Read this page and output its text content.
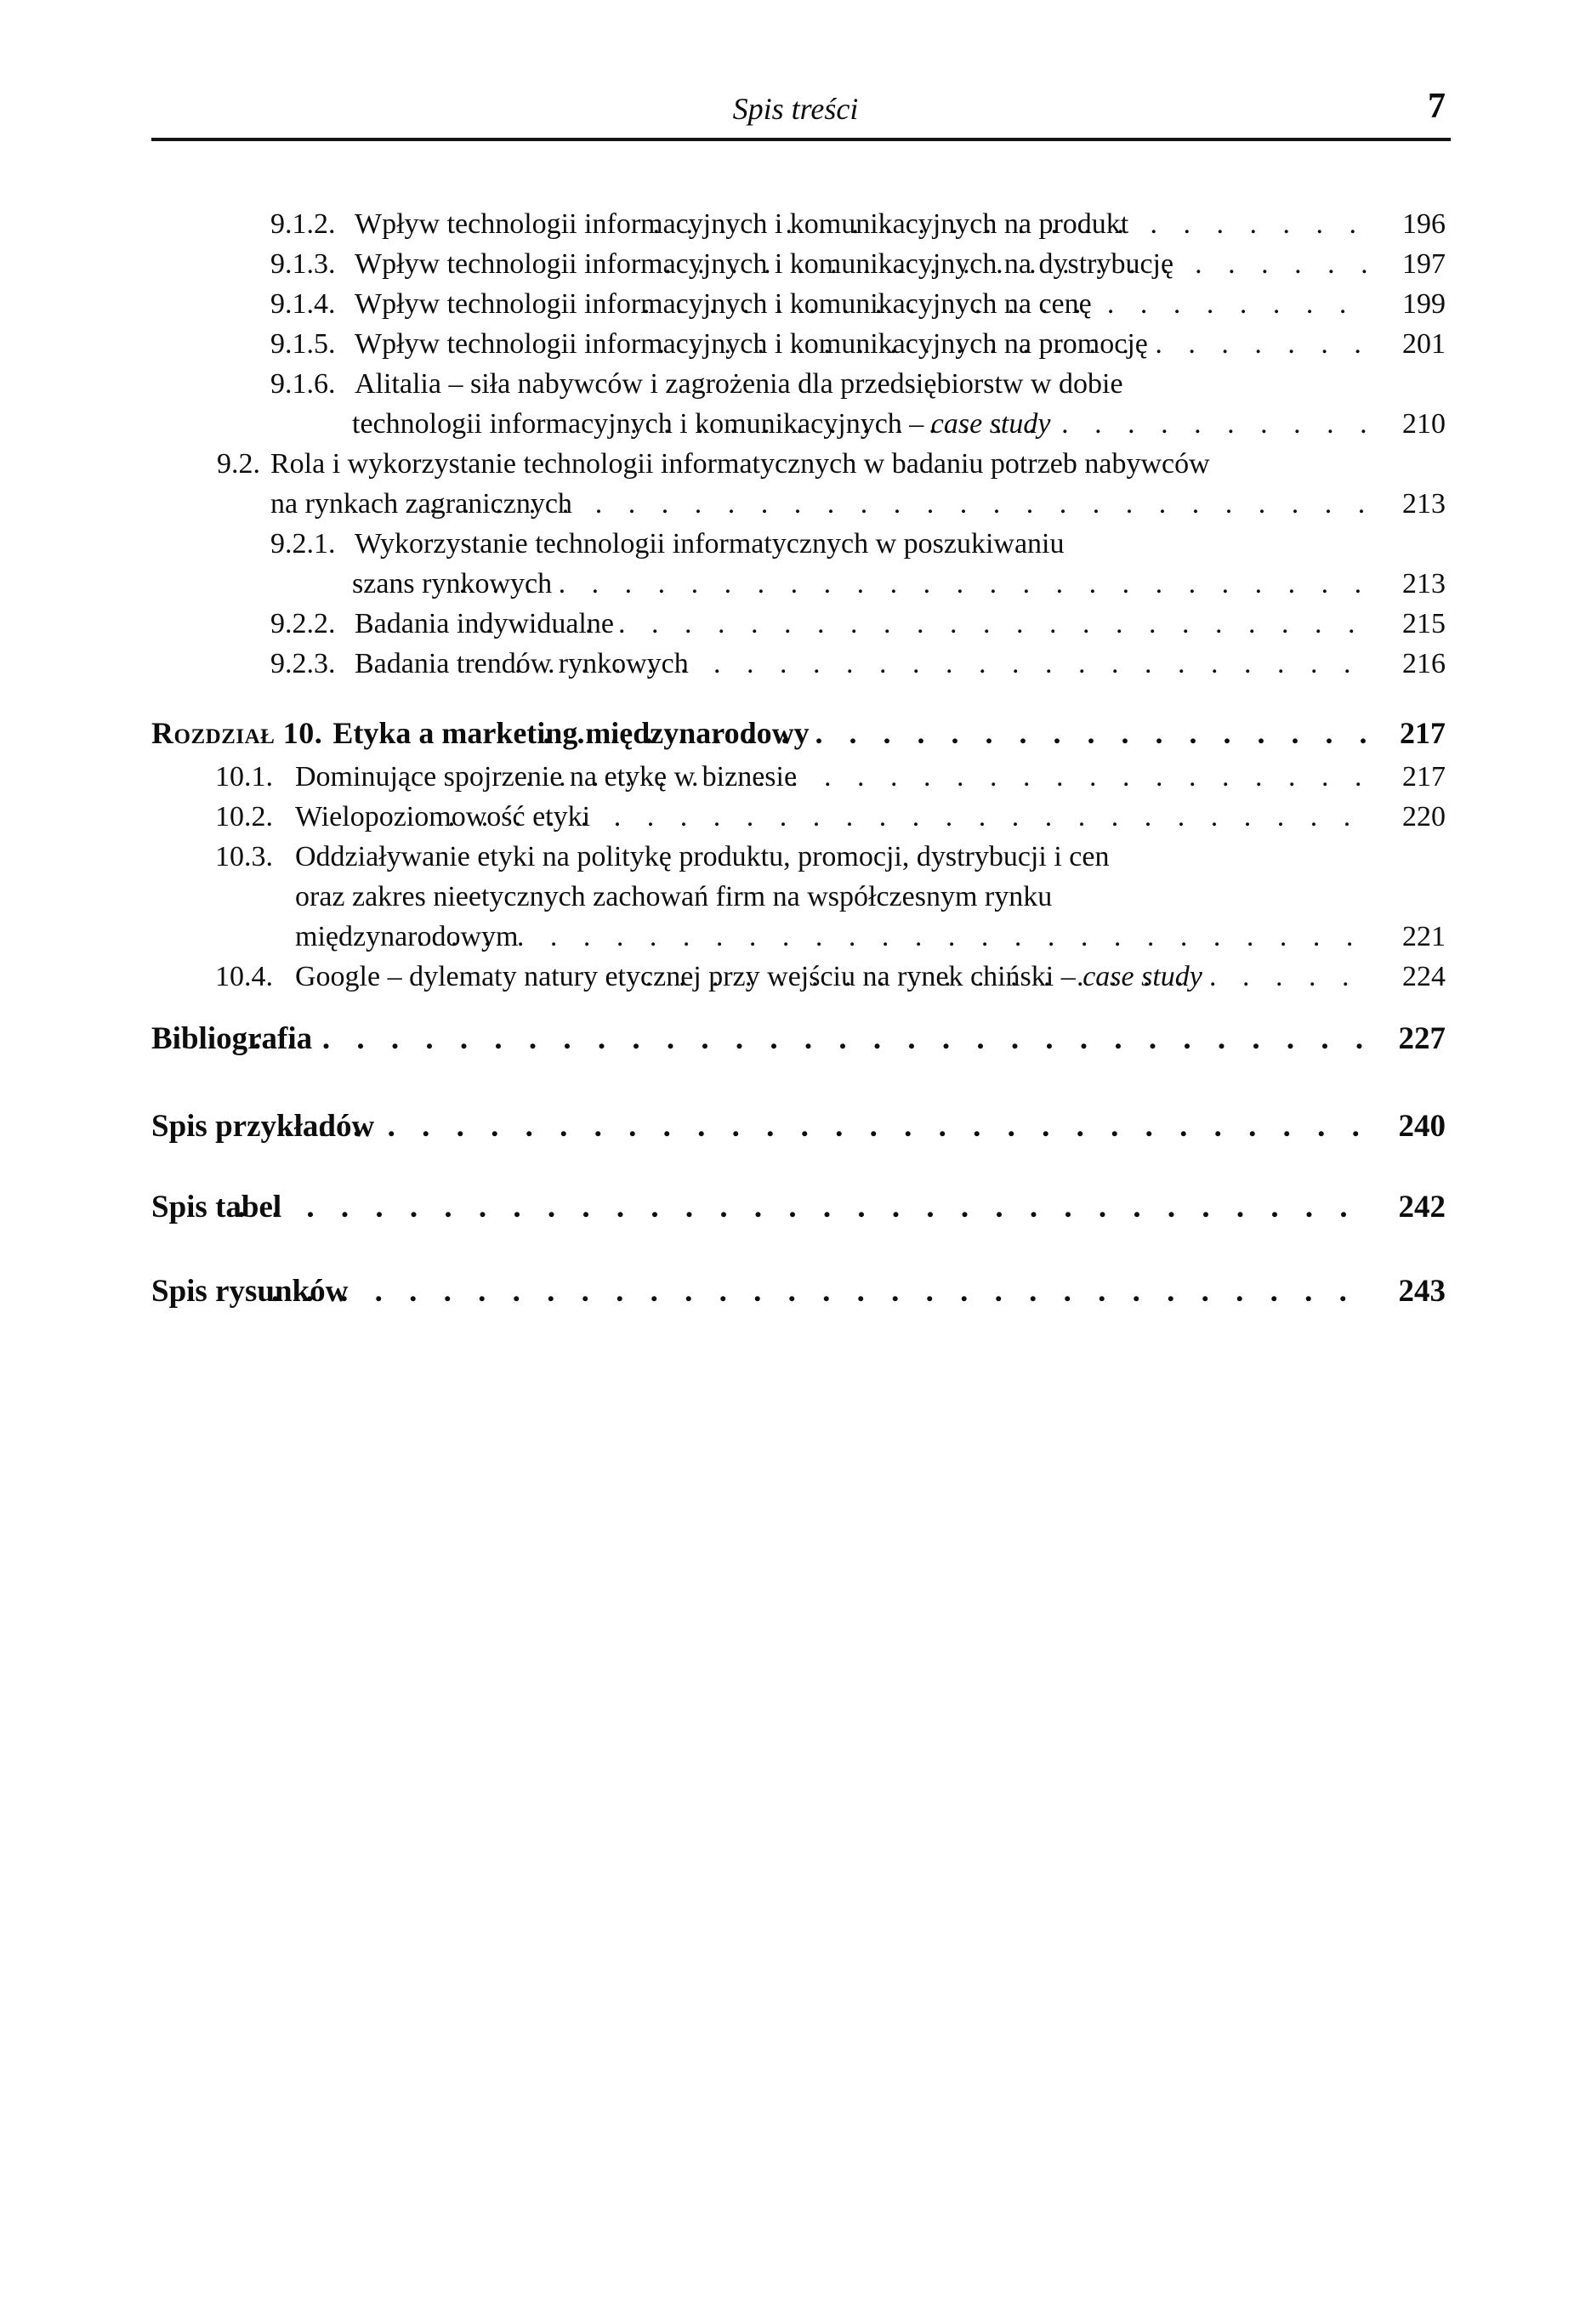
Spis treści	7
9.1.2. Wpływ technologii informacyjnych i komunikacyjnych na produkt . . .	196
9.1.3. Wpływ technologii informacyjnych i komunikacyjnych na dystrybucję . . .	197
9.1.4. Wpływ technologii informacyjnych i komunikacyjnych na cenę . . .	199
9.1.5. Wpływ technologii informacyjnych i komunikacyjnych na promocję . . .	201
9.1.6. Alitalia – siła nabywców i zagrożenia dla przedsiębiorstw w dobie
technologii informacyjnych i komunikacyjnych – case study . . .	210
9.2. Rola i wykorzystanie technologii informatycznych w badaniu potrzeb nabywców
na rynkach zagranicznych . . .	213
9.2.1. Wykorzystanie technologii informatycznych w poszukiwaniu
szans rynkowych . . .	213
9.2.2. Badania indywidualne . . .	215
9.2.3. Badania trendów rynkowych . . .	216
Rozdział 10. Etyka a marketing międzynarodowy . . .	217
10.1. Dominujące spojrzenie na etykę w biznesie . . .	217
10.2. Wielopoziomowość etyki . . .	220
10.3. Oddziaływanie etyki na politykę produktu, promocji, dystrybucji i cen
oraz zakres nieetycznych zachowań firm na współczesnym rynku
międzynarodowym . . .	221
10.4. Google – dylematy natury etycznej przy wejściu na rynek chiński – case study . . .	224
Bibliografia . . .	227
Spis przykładów . . .	240
Spis tabel . . .	242
Spis rysunków . . .	243
